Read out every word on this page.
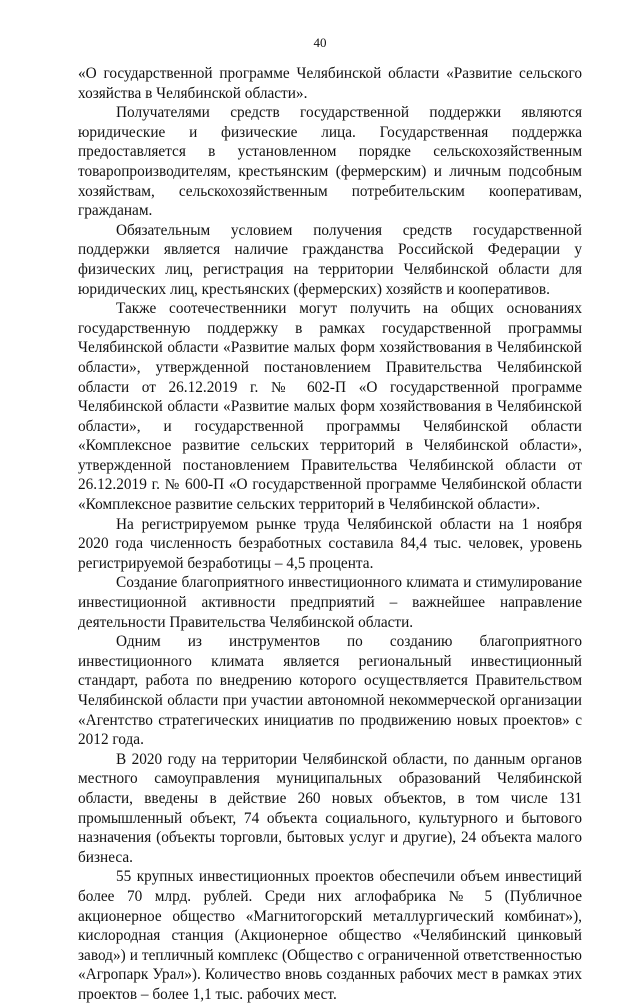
40

«О государственной программе Челябинской области «Развитие сельского хозяйства в Челябинской области».

Получателями средств государственной поддержки являются юридические и физические лица. Государственная поддержка предоставляется в установленном порядке сельскохозяйственным товаропроизводителям, крестьянским (фермерским) и личным подсобным хозяйствам, сельскохозяйственным потребительским кооперативам, гражданам.

Обязательным условием получения средств государственной поддержки является наличие гражданства Российской Федерации у физических лиц, регистрация на территории Челябинской области для юридических лиц, крестьянских (фермерских) хозяйств и кооперативов.

Также соотечественники могут получить на общих основаниях государственную поддержку в рамках государственной программы Челябинской области «Развитие малых форм хозяйствования в Челябинской области», утвержденной постановлением Правительства Челябинской области от 26.12.2019 г. № 602-П «О государственной программе Челябинской области «Развитие малых форм хозяйствования в Челябинской области», и государственной программы Челябинской области «Комплексное развитие сельских территорий в Челябинской области», утвержденной постановлением Правительства Челябинской области от 26.12.2019 г. № 600-П «О государственной программе Челябинской области «Комплексное развитие сельских территорий в Челябинской области».

На регистрируемом рынке труда Челябинской области на 1 ноября 2020 года численность безработных составила 84,4 тыс. человек, уровень регистрируемой безработицы – 4,5 процента.

Создание благоприятного инвестиционного климата и стимулирование инвестиционной активности предприятий – важнейшее направление деятельности Правительства Челябинской области.

Одним из инструментов по созданию благоприятного инвестиционного климата является региональный инвестиционный стандарт, работа по внедрению которого осуществляется Правительством Челябинской области при участии автономной некоммерческой организации «Агентство стратегических инициатив по продвижению новых проектов» с 2012 года.

В 2020 году на территории Челябинской области, по данным органов местного самоуправления муниципальных образований Челябинской области, введены в действие 260 новых объектов, в том числе 131 промышленный объект, 74 объекта социального, культурного и бытового назначения (объекты торговли, бытовых услуг и другие), 24 объекта малого бизнеса.

55 крупных инвестиционных проектов обеспечили объем инвестиций более 70 млрд. рублей. Среди них аглофабрика № 5 (Публичное акционерное общество «Магнитогорский металлургический комбинат»), кислородная станция (Акционерное общество «Челябинский цинковый завод») и тепличный комплекс (Общество с ограниченной ответственностью «Агропарк Урал»). Количество вновь созданных рабочих мест в рамках этих проектов – более 1,1 тыс. рабочих мест.
